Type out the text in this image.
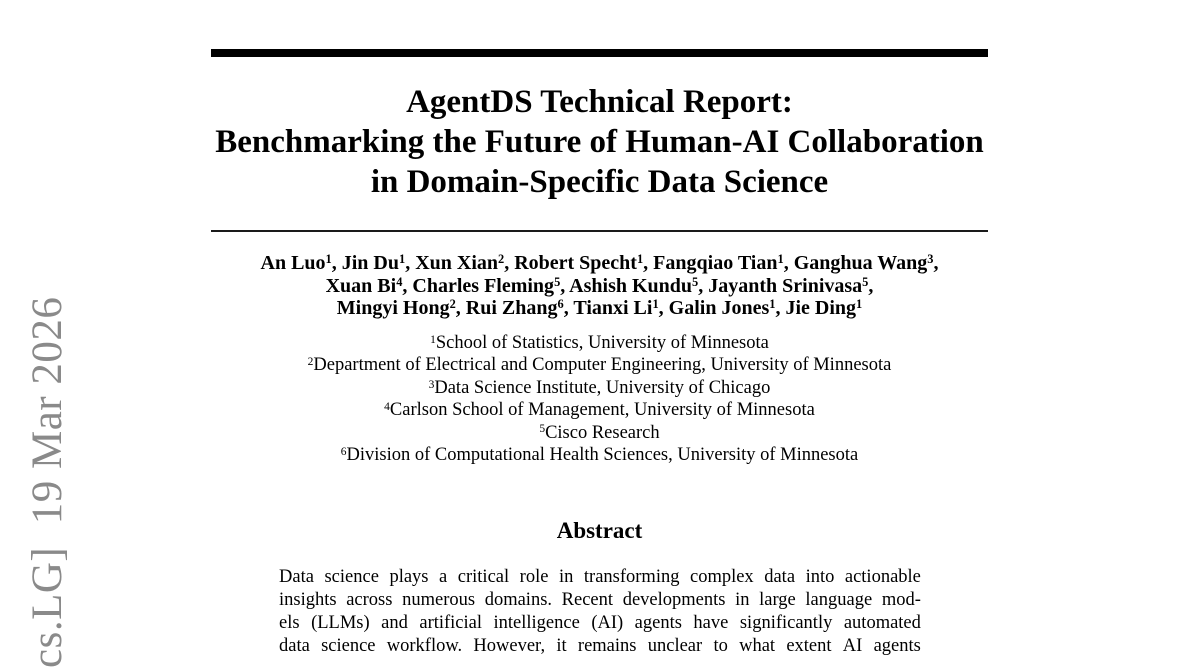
cs.LG]  19 Mar 2026
AgentDS Technical Report:
Benchmarking the Future of Human-AI Collaboration
in Domain-Specific Data Science
An Luo$^1$, Jin Du$^1$, Xun Xian$^2$, Robert Specht$^1$, Fangqiao Tian$^1$, Ganghua Wang$^3$,
Xuan Bi$^4$, Charles Fleming$^5$, Ashish Kundu$^5$, Jayanth Srinivasa$^5$,
Mingyi Hong$^2$, Rui Zhang$^6$, Tianxi Li$^1$, Galin Jones$^1$, Jie Ding$^1$
$^1$School of Statistics, University of Minnesota
$^2$Department of Electrical and Computer Engineering, University of Minnesota
$^3$Data Science Institute, University of Chicago
$^4$Carlson School of Management, University of Minnesota
$^5$Cisco Research
$^6$Division of Computational Health Sciences, University of Minnesota
Abstract
Data science plays a critical role in transforming complex data into actionable
insights across numerous domains. Recent developments in large language mod-
els (LLMs) and artificial intelligence (AI) agents have significantly automated
data science workflow. However, it remains unclear to what extent AI agents
